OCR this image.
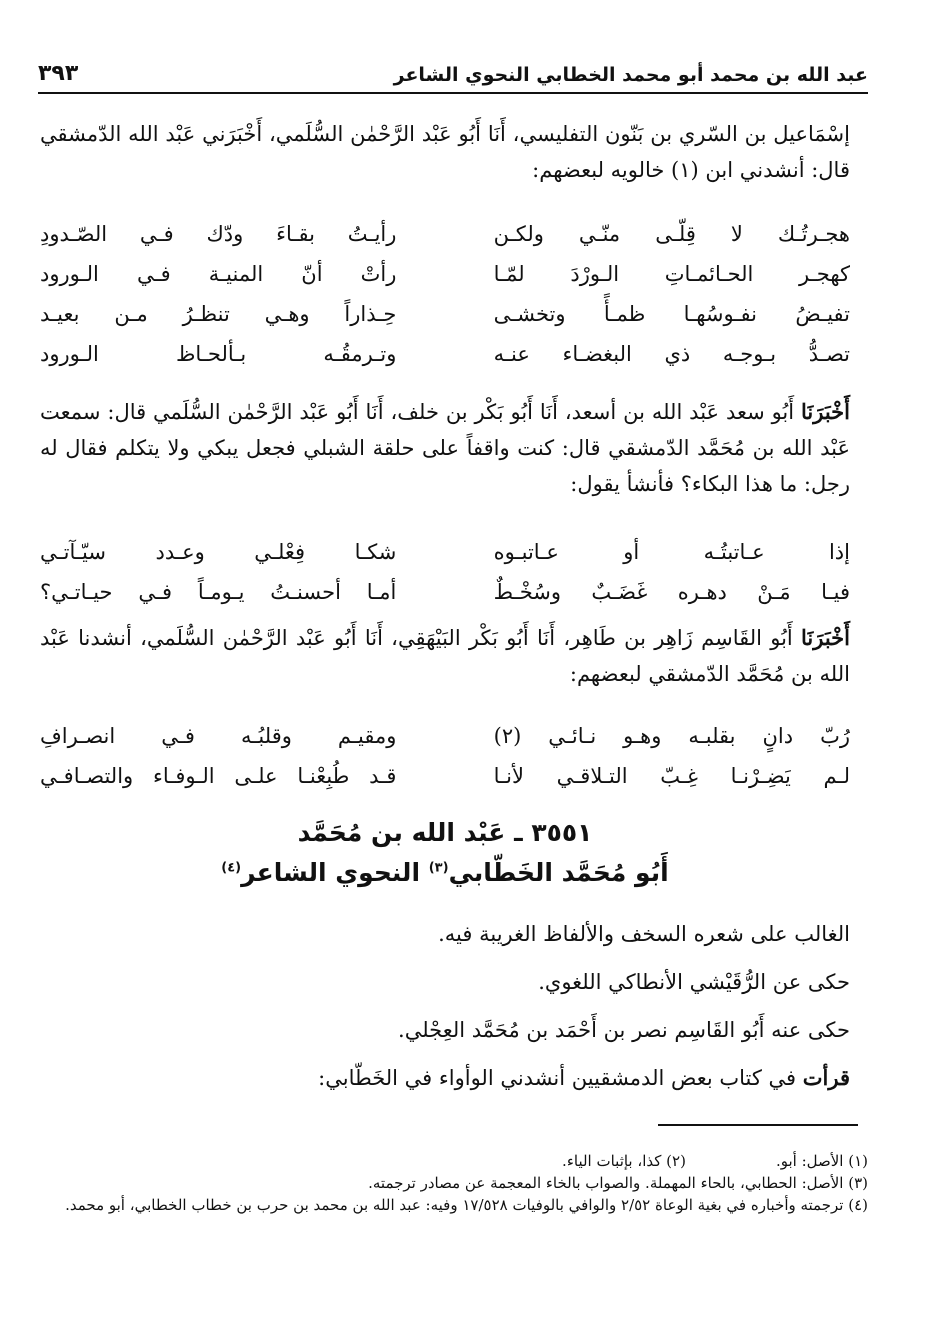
عبد الله بن محمد أبو محمد الخطابي النحوي الشاعر
٣٩٣
إسْمَاعيل بن السّري بن بَنّون التفليسي، أَنَا أَبُو عَبْد الرَّحْمٰن السُّلَمي، أَخْبَرَني عَبْد الله الدّمشقي قال: أنشدني ابن (١) خالويه لبعضهم:
هجـرتُـك لا قِلّـى منّـي ولكـن
رأيـتُ بقـاءَ ودّك فـي الصّـدودِ
كهجـر الحـائمـاتِ الـورْدَ لمّـا
رأتْ أنّ المنيـة فـي الـورود
تفيـضُ نفـوسُهـا ظمـأً وتخشـى
حِـذاراً وهـي تنظـرُ مـن بعيـد
تصـدُّ بـوجـه ذي البغضـاء عنـه
وتـرمقُـه بـألحـاظ الـورود
أَخْبَرَنَا أَبُو سعد عَبْد الله بن أسعد، أَنَا أَبُو بَكْر بن خلف، أَنَا أَبُو عَبْد الرَّحْمٰن السُّلَمي قال: سمعت عَبْد الله بن مُحَمَّد الدّمشقي قال: كنت واقفاً على حلقة الشبلي فجعل يبكي ولا يتكلم فقال له رجل: ما هذا البكاء؟ فأنشأ يقول:
إذا عـاتبتُـه أو عـاتبـوه
شكـا فِعْلـي وعـدد سيّـآتـي
فيـا مَـنْ دهـره غَضَـبٌ وسُخْـطٌ
أمـا أحسنـتُ يـومـاً فـي حيـاتـي؟
أَخْبَرَنَا أَبُو القَاسِم زَاهِر بن طَاهِر، أَنَا أَبُو بَكْر البَيْهَقِي، أَنَا أَبُو عَبْد الرَّحْمٰن السُّلَمي، أنشدنا عَبْد الله بن مُحَمَّد الدّمشقي لبعضهم:
رُبّ دانٍ بقلبـه وهـو نـائـي (٢)
ومقيـم وقلبُـه فـي انصـرافِ
لـم يَضِـرْنـا غِـبّ التـلاقـي لأنـا
قـد طُبِعْنـا علـى الـوفـاء والتصـافـي
٣٥٥١ ـ عَبْد الله بن مُحَمَّد
أَبُو مُحَمَّد الخَطّابي$^{(٣)}$ النحوي الشاعر$^{(٤)}$
الغالب على شعره السخف والألفاظ الغريبة فيه.
حكى عن الرُّقَيْشي الأنطاكي اللغوي.
حكى عنه أَبُو القَاسِم نصر بن أَحْمَد بن مُحَمَّد العِجْلي.
قرأت في كتاب بعض الدمشقيين أنشدني الوأواء في الخَطّابي:
(١) الأصل: أبو.
(٢) كذا، بإثبات الياء.
(٣) الأصل: الحطابي، بالحاء المهملة. والصواب بالخاء المعجمة عن مصادر ترجمته.
(٤) ترجمته وأخباره في بغية الوعاة ٢/٥٢ والوافي بالوفيات ١٧/٥٢٨ وفيه: عبد الله بن محمد بن حرب بن خطاب الخطابي، أبو محمد.
